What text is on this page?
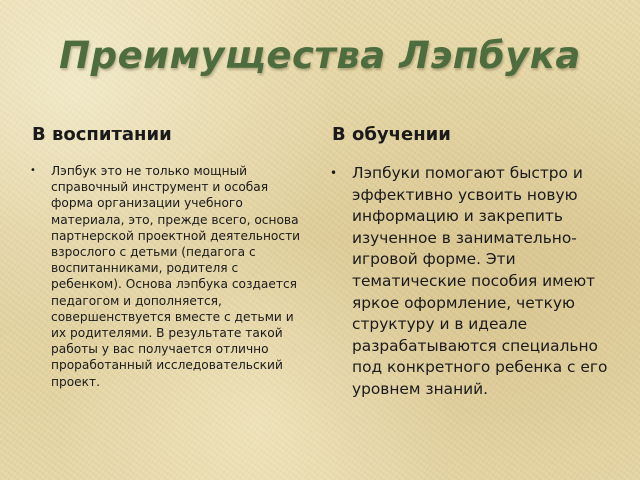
Преимущества Лэпбука
В воспитании
• Лэпбук это не только мощный справочный инструмент и особая форма организации учебного материала, это, прежде всего, основа партнерской проектной деятельности взрослого с детьми (педагога с воспитанниками, родителя с ребенком). Основа лэпбука создается педагогом и дополняется, совершенствуется вместе с детьми и их родителями. В результате такой работы у вас получается отлично проработанный исследовательский проект.
В обучении
• Лэпбуки помогают быстро и эффективно усвоить новую информацию и закрепить изученное в занимательно-игровой форме. Эти тематические пособия имеют яркое оформление, четкую структуру и в идеале разрабатываются специально под конкретного ребенка с его уровнем знаний.
